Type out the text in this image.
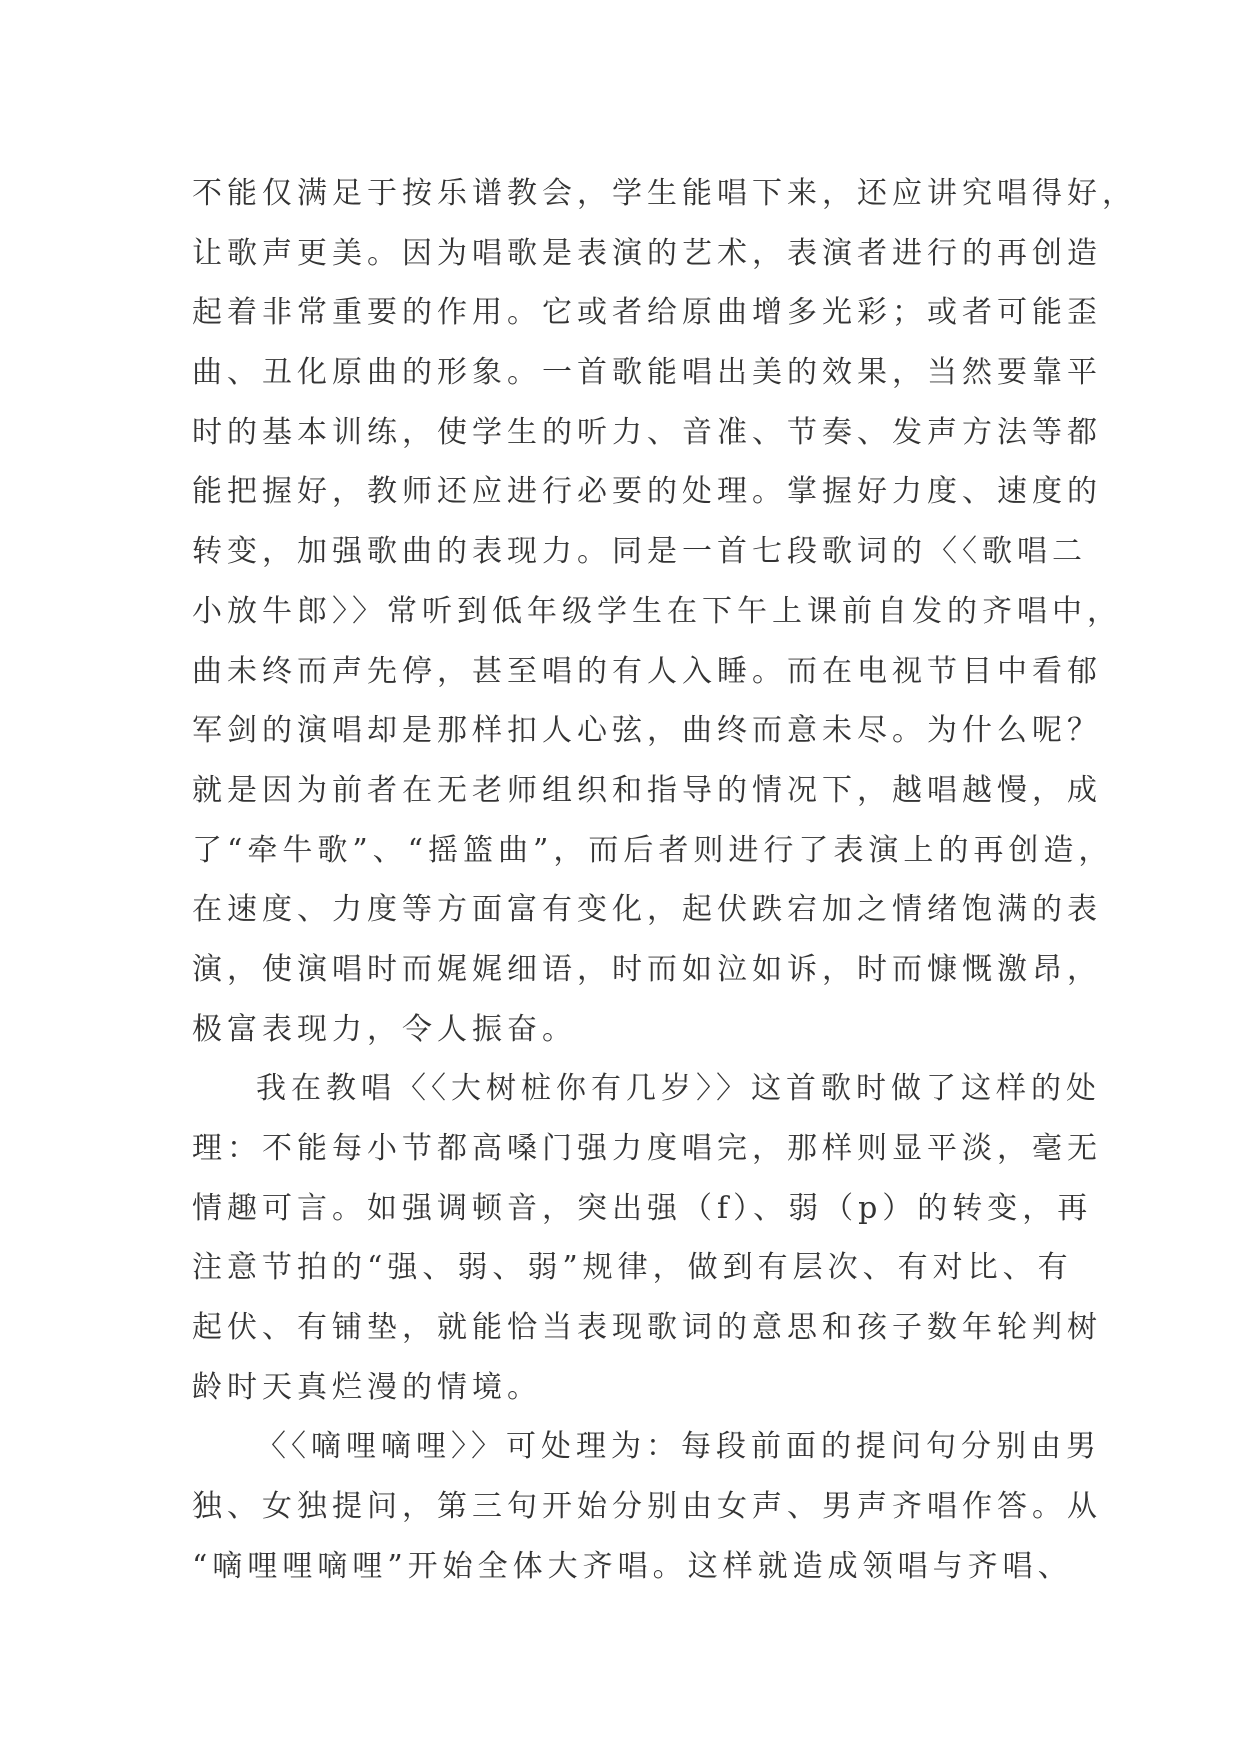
不能仅满足于按乐谱教会，学生能唱下来，还应讲究唱得好，
让歌声更美。因为唱歌是表演的艺术，表演者进行的再创造
起着非常重要的作用。它或者给原曲增多光彩；或者可能歪
曲、丑化原曲的形象。一首歌能唱出美的效果，当然要靠平
时的基本训练，使学生的听力、音准、节奏、发声方法等都
能把握好，教师还应进行必要的处理。掌握好力度、速度的
转变，加强歌曲的表现力。同是一首七段歌词的〈〈歌唱二
小放牛郎〉〉常听到低年级学生在下午上课前自发的齐唱中，
曲未终而声先停，甚至唱的有人入睡。而在电视节目中看郁
军剑的演唱却是那样扣人心弦，曲终而意未尽。为什么呢？
就是因为前者在无老师组织和指导的情况下，越唱越慢，成
了“牵牛歌”、“摇篮曲”，而后者则进行了表演上的再创造，
在速度、力度等方面富有变化，起伏跌宕加之情绪饱满的表
演，使演唱时而娓娓细语，时而如泣如诉，时而慷慨激昂，
极富表现力，令人振奋。
我在教唱〈〈大树桩你有几岁〉〉这首歌时做了这样的处
理：不能每小节都高嗓门强力度唱完，那样则显平淡，毫无
情趣可言。如强调顿音，突出强（f）、弱（p）的转变，再
注意节拍的“强、弱、弱”规律，做到有层次、有对比、有
起伏、有铺垫，就能恰当表现歌词的意思和孩子数年轮判树
龄时天真烂漫的情境。
〈〈嘀哩嘀哩〉〉可处理为：每段前面的提问句分别由男
独、女独提问，第三句开始分别由女声、男声齐唱作答。从
“嘀哩哩嘀哩”开始全体大齐唱。这样就造成领唱与齐唱、
